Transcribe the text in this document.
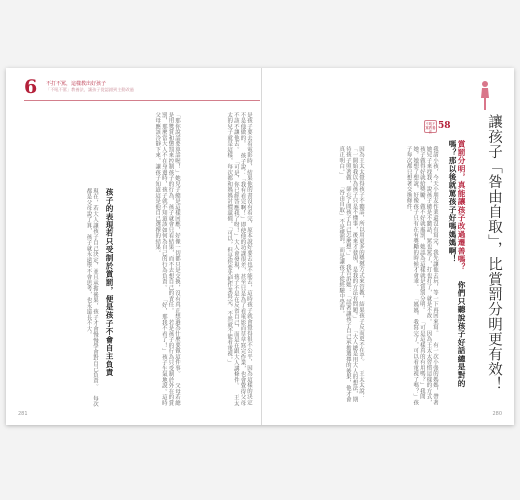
6 不打不罵，這樣教出好孩子
「不吼不罵」教養法，讓孩子從認錯到主動改過
是孩子要去看電影時，結果他的書沒有看完，原本說好要去也不能去，這時孩子就會覺得很不公平，因為這樣的決定不是他做的。 孩子說：「我有看完啊！」即使他的功課很差，甚至只是為了看電影而草草寫完作業，也會覺得父母不該不讓他去。 「可是，你已經答應我了呀！」大人會發現，孩子不是在反省自己，而是在跟大人講條件。 王太太的兒子就是這樣，每次都和媽媽討價還價。「可以，但是你要先把作業寫完，不然就不能看電視。」
「那你說話要算話喔！」她兒子總是這樣回應，好像一切都只是交換，沒有真正想過為什麼要做這件事。 父母若總是用獎賞和懲罰來控制孩子的行為，孩子就會只看結果，而不去想自己的責任。 若是孩子的行為只受制於外在的賞罰，那麼當大人不在身邊時，孩子就不知道該如何為自己的行為負責。 「好，那我不看了！」孩子生氣地說。這時父母應該冷靜下來，讓孩子知道這是他自己選擇的結果。
孩子的表現若只受制於賞罰，便是孩子不會自主負責
現在，若大人讓孩子自己決定，並且承擔後果，孩子才會慢慢學會對自己負責。 每次都是父母說了算，孩子就永遠學不會思考，也永遠長不大。
281
讓孩子「咎由自取」，比賞罰分明更有效！
不吼不罵教養法
58
賞罰分明，真能讓孩子改過遷善嗎？ 你們只聽說孩子好話總是對的嗎？那以後就罵孩子好嗎媽媽啊！
我請小孩，今天小朋友作業還沒有寫完，我先讓他去玩，等一下再回來寫。 有一次小張的媽媽，帶著她兒子來找我，說孩子總是不聽話，罵也罵了，打也打了，就是不改。 因為王太太習慣這樣的方式，孩子做得好就給獎勵，做不好就處罰，她認為這樣就是賞罰分明。 「可是這樣真的有用嗎？」我問她。她想了想說，好像孩子只有在有獎勵的時候才會乖。 「媽媽，我寫完了，可以看電視了嗎？」孩子每次都只想著交換條件。
因為王太太覺得孩子不聽話，所以用更多的獎懲方式來管教，結果孩子反而更不在乎。 王太太說：「一開始我以為孩子只是不懂事，後來才發現，是我的方法有問題。」 「大人總是用大人的想法，期待孩子照著做，卻忘了問孩子自己怎麼想。」 我告訴她：「試著讓孩子自己承擔選擇的後果，他才會真正明白。」 「咎由自取」不是懲罰，而是讓孩子從經驗中學習。
280
